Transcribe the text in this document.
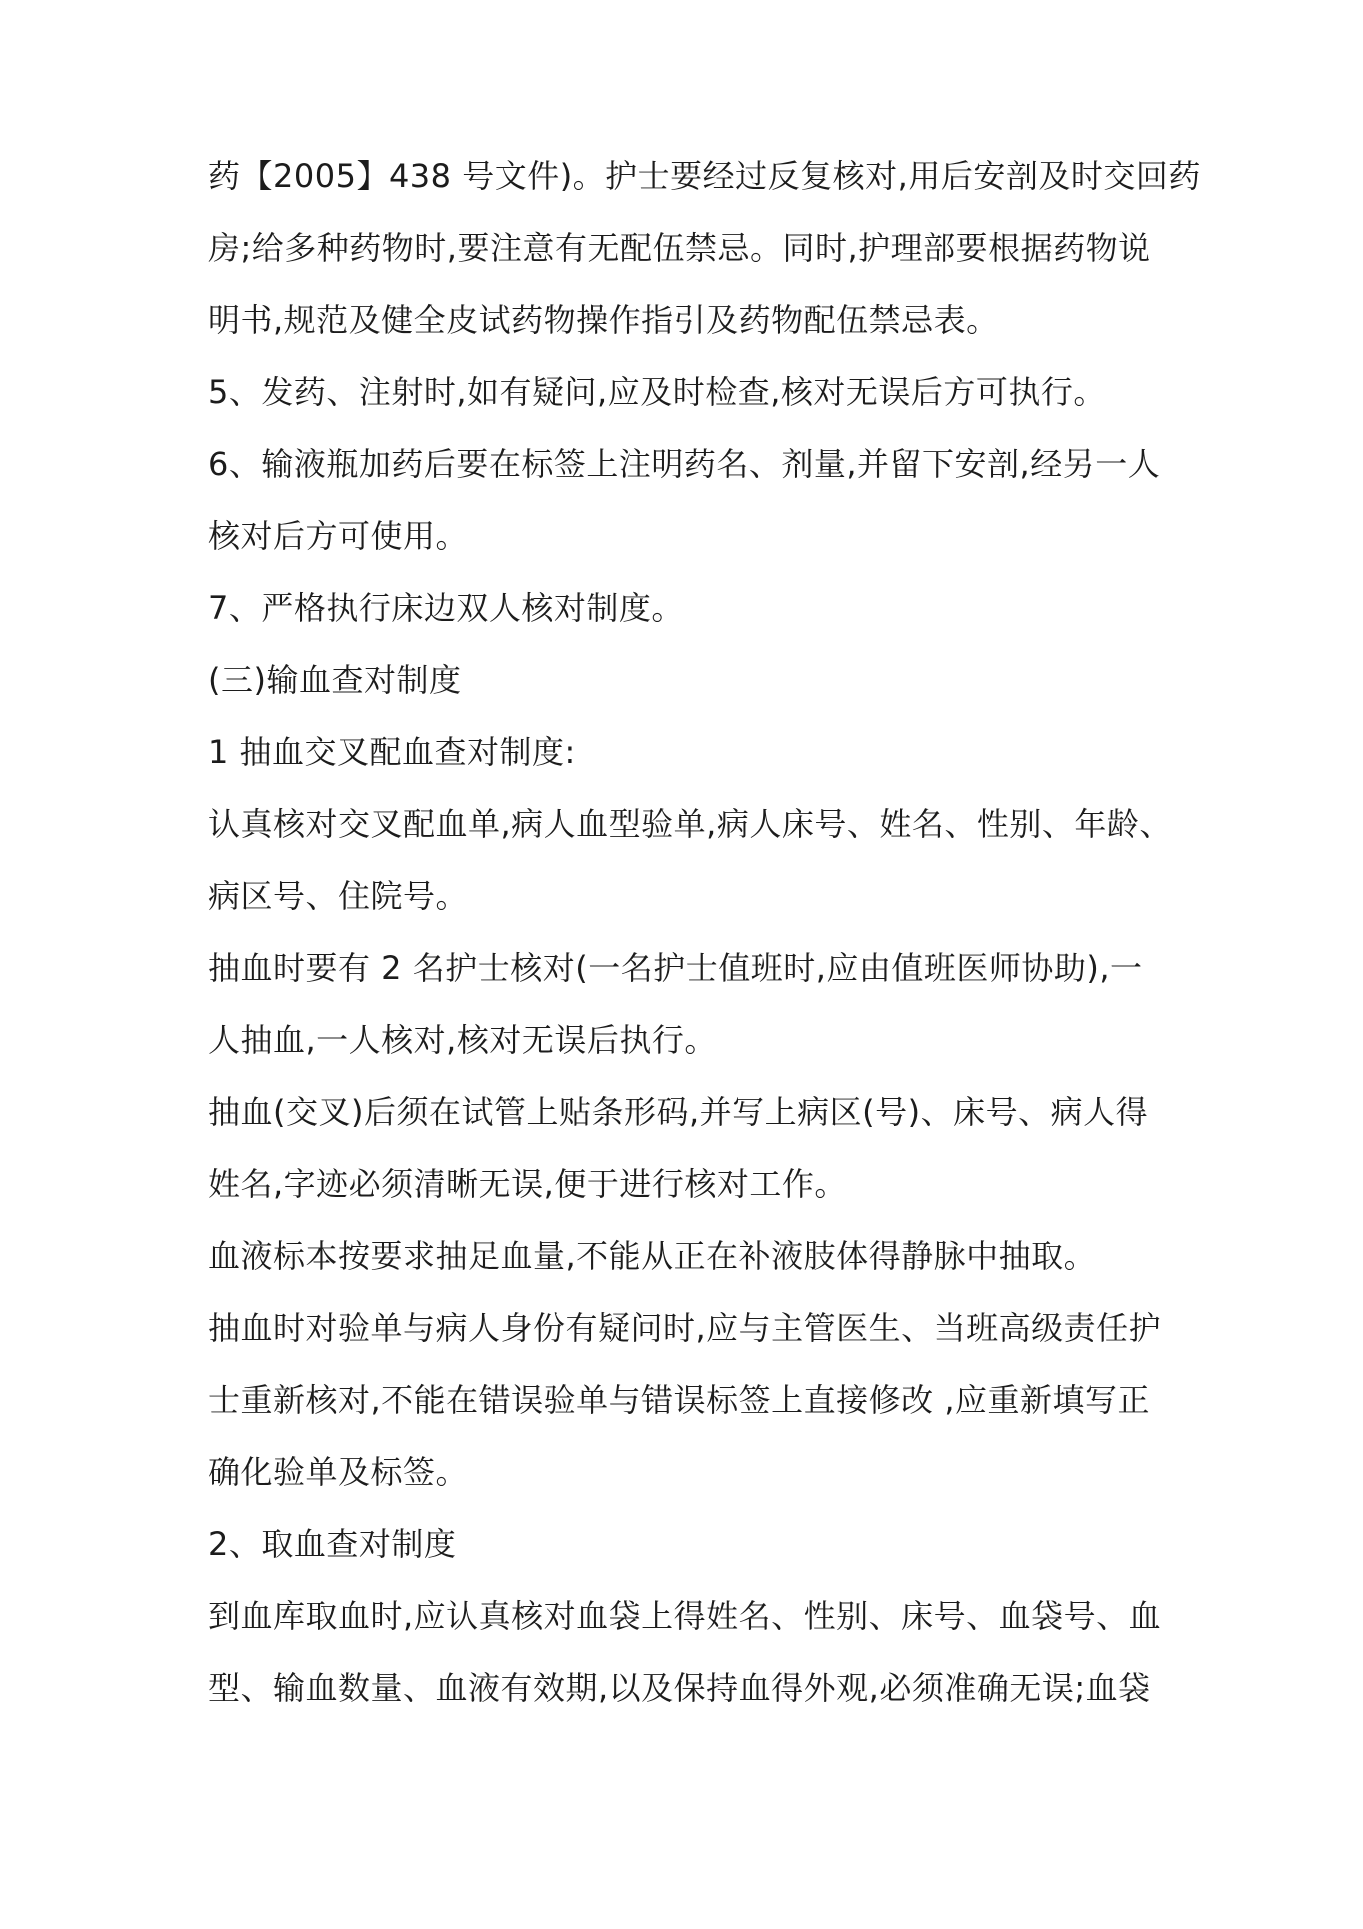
药【2005】438 号文件)。护士要经过反复核对,用后安剖及时交回药
房;给多种药物时,要注意有无配伍禁忌。同时,护理部要根据药物说
明书,规范及健全皮试药物操作指引及药物配伍禁忌表。
5、发药、注射时,如有疑问,应及时检查,核对无误后方可执行。
6、输液瓶加药后要在标签上注明药名、剂量,并留下安剖,经另一人
核对后方可使用。
7、严格执行床边双人核对制度。
(三)输血查对制度
1 抽血交叉配血查对制度:
认真核对交叉配血单,病人血型验单,病人床号、姓名、性别、年龄、
病区号、住院号。
抽血时要有 2 名护士核对(一名护士值班时,应由值班医师协助),一
人抽血,一人核对,核对无误后执行。
抽血(交叉)后须在试管上贴条形码,并写上病区(号)、床号、病人得
姓名,字迹必须清晰无误,便于进行核对工作。
血液标本按要求抽足血量,不能从正在补液肢体得静脉中抽取。
抽血时对验单与病人身份有疑问时,应与主管医生、当班高级责任护
士重新核对,不能在错误验单与错误标签上直接修改 ,应重新填写正
确化验单及标签。
2、取血查对制度
到血库取血时,应认真核对血袋上得姓名、性别、床号、血袋号、血
型、输血数量、血液有效期,以及保持血得外观,必须准确无误;血袋
